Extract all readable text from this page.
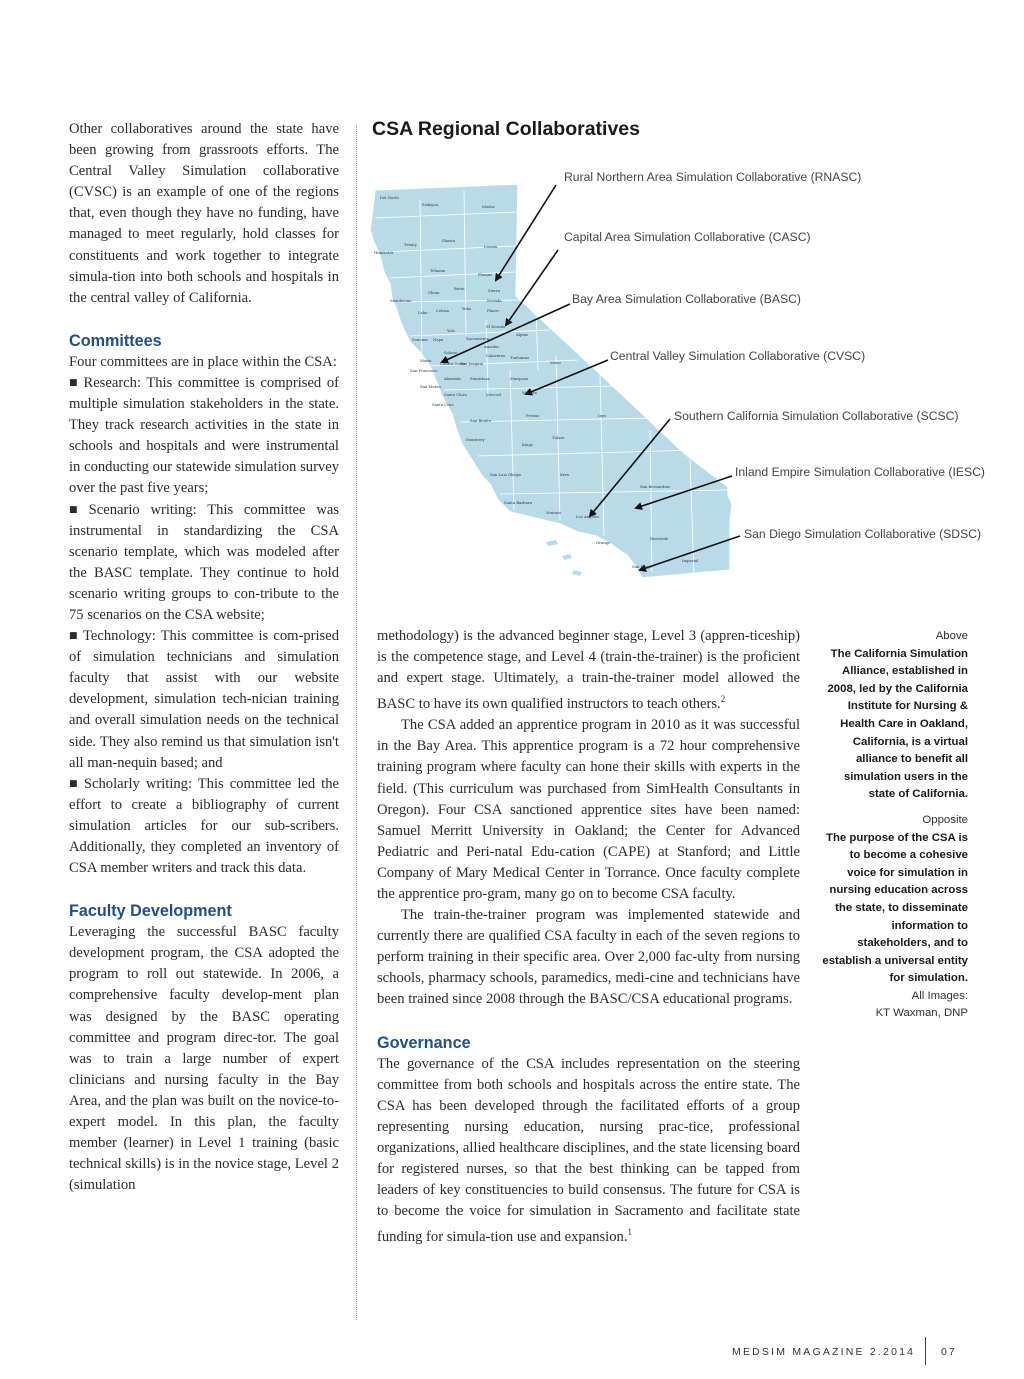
Other collaboratives around the state have been growing from grassroots efforts. The Central Valley Simulation collaborative (CVSC) is an example of one of the regions that, even though they have no funding, have managed to meet regularly, hold classes for constituents and work together to integrate simula-tion into both schools and hospitals in the central valley of California.

Committees

Four committees are in place within the CSA:

■ Research: This committee is comprised of multiple simulation stakeholders in the state. They track research activities in the state in schools and hospitals and were instrumental in conducting our statewide simulation survey over the past five years;
■ Scenario writing: This committee was instrumental in standardizing the CSA scenario template, which was modeled after the BASC template. They continue to hold scenario writing groups to con-tribute to the 75 scenarios on the CSA website;
■ Technology: This committee is com-prised of simulation technicians and simulation faculty that assist with our website development, simulation tech-nician training and overall simulation needs on the technical side. They also remind us that simulation isn't all man-nequin based; and
■ Scholarly writing: This committee led the effort to create a bibliography of current simulation articles for our sub-scribers. Additionally, they completed an inventory of CSA member writers and track this data.
Faculty Development

Leveraging the successful BASC faculty development program, the CSA adopted the program to roll out statewide. In 2006, a comprehensive faculty develop-ment plan was designed by the BASC operating committee and program direc-tor. The goal was to train a large number of expert clinicians and nursing faculty in the Bay Area, and the plan was built on the novice-to-expert model. In this plan, the faculty member (learner) in Level 1 training (basic technical skills) is in the novice stage, Level 2 (simulation

CSA Regional Collaboratives
Del Norte
Siskiyou	Modoc
Humboldt
Trinity
Shasta
Lassen
Tehama
Plumas
Mendocino
Glenn
Butte	Sierra
Nevada
Lake Colusa	Yuba	Placer
Sonoma Napa
Yolo
Sacramento
El Dorado
Alpine
Marin
Solano
Amador
Calaveras Tuolumne
Mono
San Francisco
Contra Costa
San Joaquin
San Mateo
Alameda Stanislaus	Mariposa
Santa Clara	Merced	Madera
Santa Cruz
Fresno	Inyo
San Benito
Monterey
Kings
Tulare
San Luis Obispo	Kern
Santa Barbara
Ventura
Los Angeles
San Bernardino
Orange
Riverside
San Diego
Imperial
Rural Northern Area Simulation Collaborative (RNASC)
Capital Area Simulation Collaborative (CASC)
Bay Area Simulation Collaborative (BASC)
Central Valley Simulation Collaborative (CVSC)
Southern California Simulation Collaborative (SCSC)
Inland Empire Simulation Collaborative (IESC)
San Diego Simulation Collaborative (SDSC)

methodology) is the advanced beginner stage, Level 3 (appren-ticeship) is the competence stage, and Level 4 (train-the-trainer) is the proficient and expert stage. Ultimately, a train-the-trainer model allowed the BASC to have its own qualified instructors to teach others.$^2$

The CSA added an apprentice program in 2010 as it was successful in the Bay Area. This apprentice program is a 72 hour comprehensive training program where faculty can hone their skills with experts in the field. (This curriculum was purchased from SimHealth Consultants in Oregon). Four CSA sanctioned apprentice sites have been named: Samuel Merritt University in Oakland; the Center for Advanced Pediatric and Peri-natal Edu-cation (CAPE) at Stanford; and Little Company of Mary Medical Center in Torrance. Once faculty complete the apprentice pro-gram, many go on to become CSA faculty.

The train-the-trainer program was implemented statewide and currently there are qualified CSA faculty in each of the seven regions to perform training in their specific area. Over 2,000 fac-ulty from nursing schools, pharmacy schools, paramedics, medi-cine and technicians have been trained since 2008 through the BASC/CSA educational programs.

Governance

The governance of the CSA includes representation on the steering committee from both schools and hospitals across the entire state. The CSA has been developed through the facilitated efforts of a group representing nursing education, nursing prac-tice, professional organizations, allied healthcare disciplines, and the state licensing board for registered nurses, so that the best thinking can be tapped from leaders of key constituencies to build consensus. The future for CSA is to become the voice for simulation in Sacramento and facilitate state funding for simula-tion use and expansion.$^1$

Above
The California Simulation Alliance, established in 2008, led by the California Institute for Nursing & Health Care in Oakland, California, is a virtual alliance to benefit all simulation users in the state of California.
Opposite
The purpose of the CSA is to become a cohesive voice for simulation in nursing education across the state, to disseminate information to stakeholders, and to establish a universal entity for simulation.
All Images:
KT Waxman, DNP
MEDSIM MAGAZINE 2.2014 07
